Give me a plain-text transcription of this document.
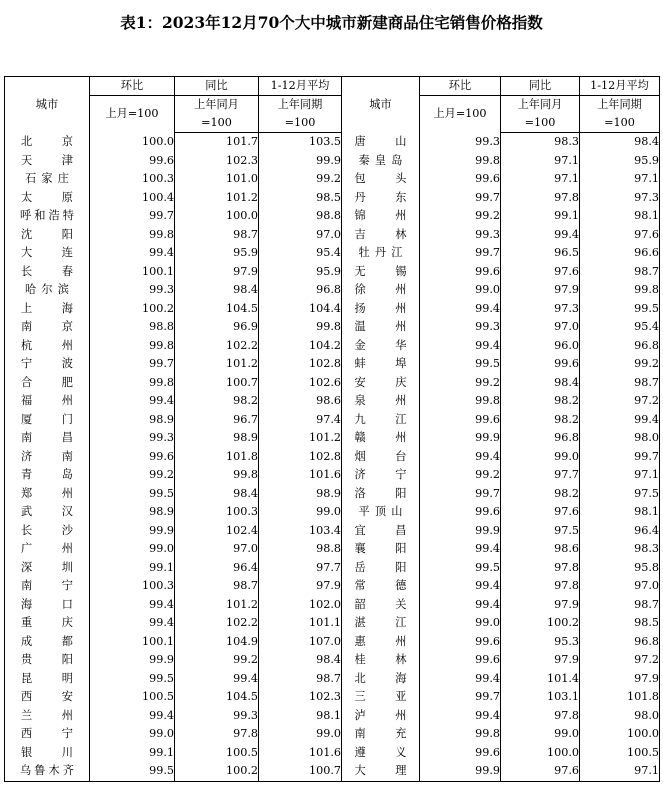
表1：2023年12月70个大中城市新建商品住宅销售价格指数
城市	环比	同比	1-12月平均	城市	环比	同比	1-12月平均
	上月=100	上年同月	上年同期		上月=100	上年同月	上年同期
		=100	=100			=100	=100
北京	100.0	101.7	103.5	唐山	99.3	98.3	98.4
天津	99.6	102.3	99.9	秦皇岛	99.8	97.1	95.9
石家庄	100.3	101.0	99.2	包头	99.6	97.1	97.1
太原	100.4	101.2	98.5	丹东	99.7	97.8	97.3
呼和浩特	99.7	100.0	98.8	锦州	99.2	99.1	98.1
沈阳	99.8	98.7	97.0	吉林	99.3	99.4	97.6
大连	99.4	95.9	95.4	牡丹江	99.7	96.5	96.6
长春	100.1	97.9	95.9	无锡	99.6	97.6	98.7
哈尔滨	99.3	98.4	96.8	徐州	99.0	97.9	99.8
上海	100.2	104.5	104.4	扬州	99.4	97.3	99.5
南京	98.8	96.9	99.8	温州	99.3	97.0	95.4
杭州	99.8	102.2	104.2	金华	99.4	96.0	96.8
宁波	99.7	101.2	102.8	蚌埠	99.5	99.6	99.2
合肥	99.8	100.7	102.6	安庆	99.2	98.4	98.7
福州	99.4	98.2	98.6	泉州	99.8	98.2	97.2
厦门	98.9	96.7	97.4	九江	99.6	98.2	99.4
南昌	99.3	98.9	101.2	赣州	99.9	96.8	98.0
济南	99.6	101.8	102.8	烟台	99.4	99.0	99.7
青岛	99.2	99.8	101.6	济宁	99.2	97.7	97.1
郑州	99.5	98.4	98.9	洛阳	99.7	98.2	97.5
武汉	98.9	100.3	99.0	平顶山	99.6	97.6	98.1
长沙	99.9	102.4	103.4	宜昌	99.9	97.5	96.4
广州	99.0	97.0	98.8	襄阳	99.4	98.6	98.3
深圳	99.1	96.4	97.7	岳阳	99.5	97.8	95.8
南宁	100.3	98.7	97.9	常德	99.4	97.8	97.0
海口	99.4	101.2	102.0	韶关	99.4	97.9	98.7
重庆	99.4	102.2	101.1	湛江	99.0	100.2	98.5
成都	100.1	104.9	107.0	惠州	99.6	95.3	96.8
贵阳	99.9	99.2	98.4	桂林	99.6	97.9	97.2
昆明	99.5	99.4	98.7	北海	99.4	101.4	97.9
西安	100.5	104.5	102.3	三亚	99.7	103.1	101.8
兰州	99.4	99.3	98.1	泸州	99.4	97.8	98.0
西宁	99.0	97.8	99.0	南充	99.8	99.0	100.0
银川	99.1	100.5	101.6	遵义	99.6	100.0	100.5
乌鲁木齐	99.5	100.2	100.7	大理	99.9	97.6	97.1
